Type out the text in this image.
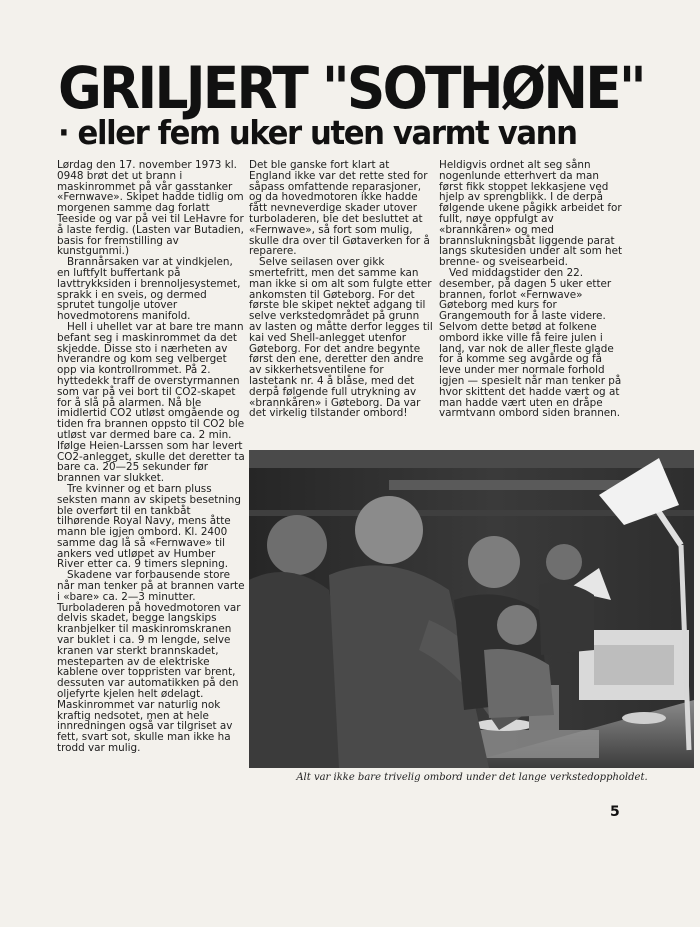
GRILJERT "SOTHØNE"
· eller fem uker uten varmt vann

Lørdag den 17. november 1973 kl. 0948 brøt det ut brann i maskinrommet på vår gasstanker «Fernwave». Skipet hadde tidlig om morgenen samme dag forlatt Teeside og var på vei til LeHavre for å laste ferdig. (Lasten var Butadien, basis for fremstilling av kunstgummi.)

Brannårsaken var at vindkjelen, en luftfylt buffertank på lavttrykksiden i brennoljesystemet, sprakk i en sveis, og dermed sprutet tungolje utover hovedmotorens manifold.

Hell i uhellet var at bare tre mann befant seg i maskinrommet da det skjedde. Disse sto i nærheten av hverandre og kom seg velberget opp via kontrollrommet. På 2. hyttedekk traff de overstyrmannen som var på vei bort til CO2-skapet for å slå på alarmen. Nå ble imidlertid CO2 utløst omgående og tiden fra brannen oppsto til CO2 ble utløst var dermed bare ca. 2 min. Ifølge Heien-Larssen som har levert CO2-anlegget, skulle det deretter ta bare ca. 20—25 sekunder før brannen var slukket.

Tre kvinner og et barn pluss seksten mann av skipets besetning ble overført til en tankbåt tilhørende Royal Navy, mens åtte mann ble igjen ombord. Kl. 2400 samme dag lå så «Fernwave» til ankers ved utløpet av Humber River etter ca. 9 timers slepning.

Skadene var forbausende store når man tenker på at brannen varte i «bare» ca. 2—3 minutter. Turboladeren på hovedmotoren var delvis skadet, begge langskips kranbjelker til maskinromskranen var buklet i ca. 9 m lengde, selve kranen var sterkt brannskadet, mesteparten av de elektriske kablene over toppristen var brent, dessuten var automatikken på den oljefyrte kjelen helt ødelagt. Maskinrommet var naturlig nok kraftig nedsotet, men at hele innredningen også var tilgriset av fett, svart sot, skulle man ikke ha trodd var mulig.

Det ble ganske fort klart at England ikke var det rette sted for såpass omfattende reparasjoner, og da hovedmotoren ikke hadde fått nevneverdige skader utover turboladeren, ble det besluttet at «Fernwave», så fort som mulig, skulle dra over til Gøtaverken for å reparere.

Selve seilasen over gikk smertefritt, men det samme kan man ikke si om alt som fulgte etter ankomsten til Gøteborg. For det første ble skipet nektet adgang til selve verkstedområdet på grunn av lasten og måtte derfor legges til kai ved Shell-anlegget utenfor Gøteborg. For det andre begynte først den ene, deretter den andre av sikkerhetsventilene for lastetank nr. 4 å blåse, med det derpå følgende full utrykning av «brannkåren» i Gøteborg. Da var det virkelig tilstander ombord!

Heldigvis ordnet alt seg sånn nogenlunde etterhvert da man først fikk stoppet lekkasjene ved hjelp av sprengblikk. I de derpå følgende ukene pågikk arbeidet for fullt, nøye oppfulgt av «brannkåren» og med brannslukningsbåt liggende parat langs skutesiden under alt som het brenne- og sveisearbeid.

Ved middagstider den 22. desember, på dagen 5 uker etter brannen, forlot «Fernwave» Gøteborg med kurs for Grangemouth for å laste videre. Selvom dette betød at folkene ombord ikke ville få feire julen i land, var nok de aller fleste glade for å komme seg avgårde og få leve under mer normale forhold igjen — spesielt når man tenker på hvor skittent det hadde vært og at man hadde vært uten en dråpe varmtvann ombord siden brannen.

Alt var ikke bare trivelig ombord under det lange verkstedoppholdet.
5
